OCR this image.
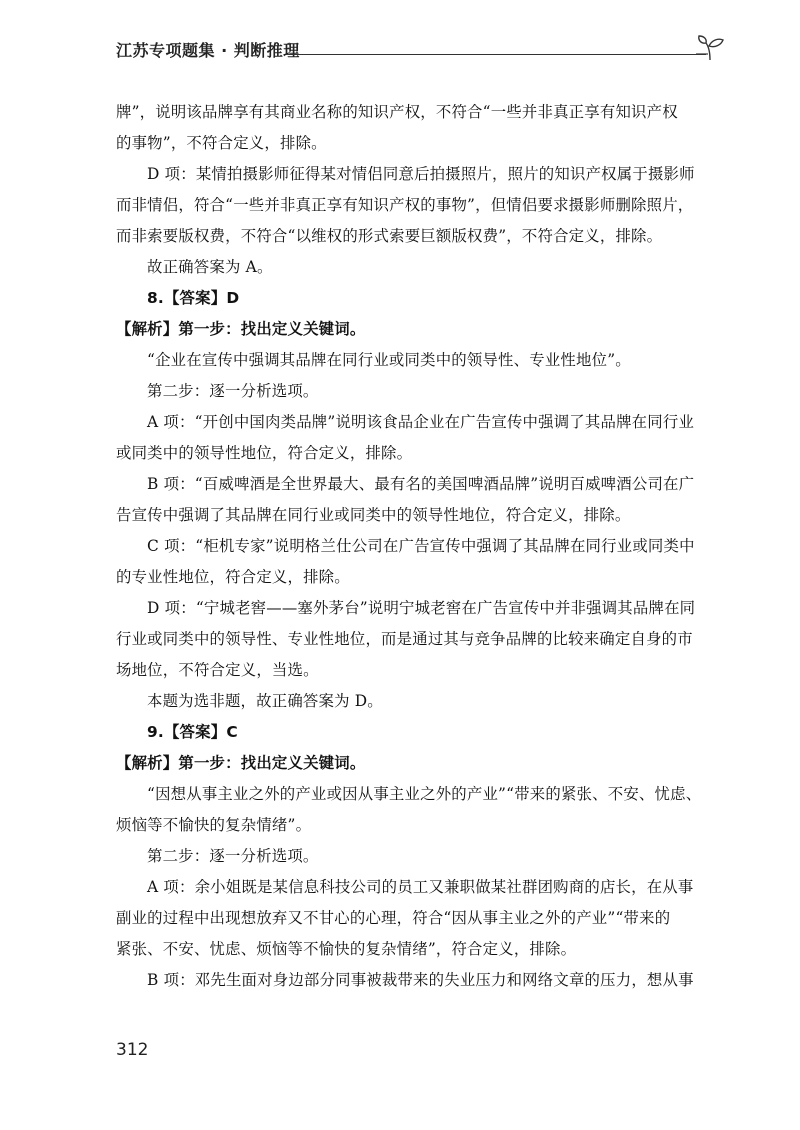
江苏专项题集 · 判断推理

牌”，说明该品牌享有其商业名称的知识产权，不符合“一些并非真正享有知识产权

的事物”，不符合定义，排除。

D 项：某情拍摄影师征得某对情侣同意后拍摄照片，照片的知识产权属于摄影师

而非情侣，符合“一些并非真正享有知识产权的事物”，但情侣要求摄影师删除照片，

而非索要版权费，不符合“以维权的形式索要巨额版权费”，不符合定义，排除。

故正确答案为 A。

8.【答案】D

【解析】第一步：找出定义关键词。

“企业在宣传中强调其品牌在同行业或同类中的领导性、专业性地位”。

第二步：逐一分析选项。

A 项：“开创中国肉类品牌”说明该食品企业在广告宣传中强调了其品牌在同行业

或同类中的领导性地位，符合定义，排除。

B 项：“百威啤酒是全世界最大、最有名的美国啤酒品牌”说明百威啤酒公司在广

告宣传中强调了其品牌在同行业或同类中的领导性地位，符合定义，排除。

C 项：“柜机专家”说明格兰仕公司在广告宣传中强调了其品牌在同行业或同类中

的专业性地位，符合定义，排除。

D 项：“宁城老窖——塞外茅台”说明宁城老窖在广告宣传中并非强调其品牌在同

行业或同类中的领导性、专业性地位，而是通过其与竞争品牌的比较来确定自身的市

场地位，不符合定义，当选。

本题为选非题，故正确答案为 D。

9.【答案】C

【解析】第一步：找出定义关键词。

“因想从事主业之外的产业或因从事主业之外的产业”“带来的紧张、不安、忧虑、

烦恼等不愉快的复杂情绪”。

第二步：逐一分析选项。

A 项：余小姐既是某信息科技公司的员工又兼职做某社群团购商的店长，在从事

副业的过程中出现想放弃又不甘心的心理，符合“因从事主业之外的产业”“带来的

紧张、不安、忧虑、烦恼等不愉快的复杂情绪”，符合定义，排除。

B 项：邓先生面对身边部分同事被裁带来的失业压力和网络文章的压力，想从事

312
